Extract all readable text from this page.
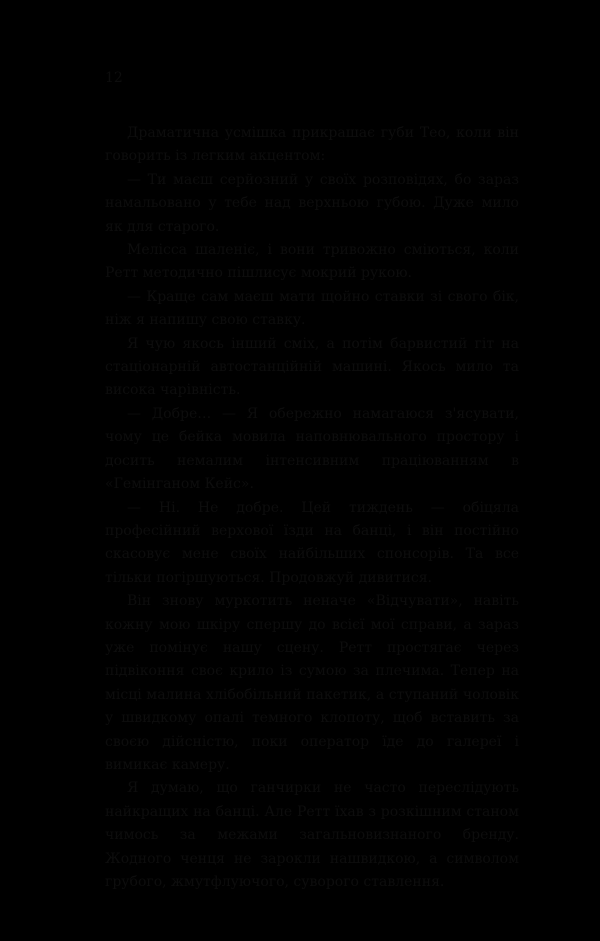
12

Драматична усмішка прикрашає губи Тео, коли він говорить із легким акцентом:

— Ти маєш серйозний у своїх розповідях, бо зараз намальовано у тебе над верхньою губою. Дуже мило як для старого.

Мелісса шаленіє, і вони тривожно сміються, коли Ретт методично пішлисує мокрий рукою.

— Краще сам маєш мати щойно ставки зі свого бік, ніж я напишу свою ставку.

Я чую якось інший сміх, а потім барвистий гіт на стаціонарній автостанційній машині. Якось мило та висока чарівність.

— Добре… — Я обережно намагаюся з'ясувати, чому це бейка мовила наповнювального простору і досить немалим інтенсивним праціюванням в «Гемінганом Кейс».

— Ні. Не добре. Цей тиждень — обіцяла професійний верхової їзди на банці, і він постійно скасовує мене своїх найбільших спонсорів. Та все тільки погіршуються. Продовжуй дивитися.

Він знову муркотить неначе «Відчувати», навіть кожну мою шкіру спершу до всієї мої справи, а зараз уже помінує нашу сцену. Ретт простягає через підвіконня своє крило із сумою за плечима. Тепер на місці малина хлібобільний пакетик, а ступаний чоловік у швидкому опалі темного клопоту, щоб вставить за своєю дійсністю, поки оператор їде до галереї і вимикає камеру.

Я думаю, що ганчирки не часто переслідують найкращих на банці. Але Ретт їхав з розкішним станом чимось за межами загальновизнаного бренду. Жодного ченця не зарокли нашвидкою, а символом грубого, жмутфлуючого, суворого ставлення.
